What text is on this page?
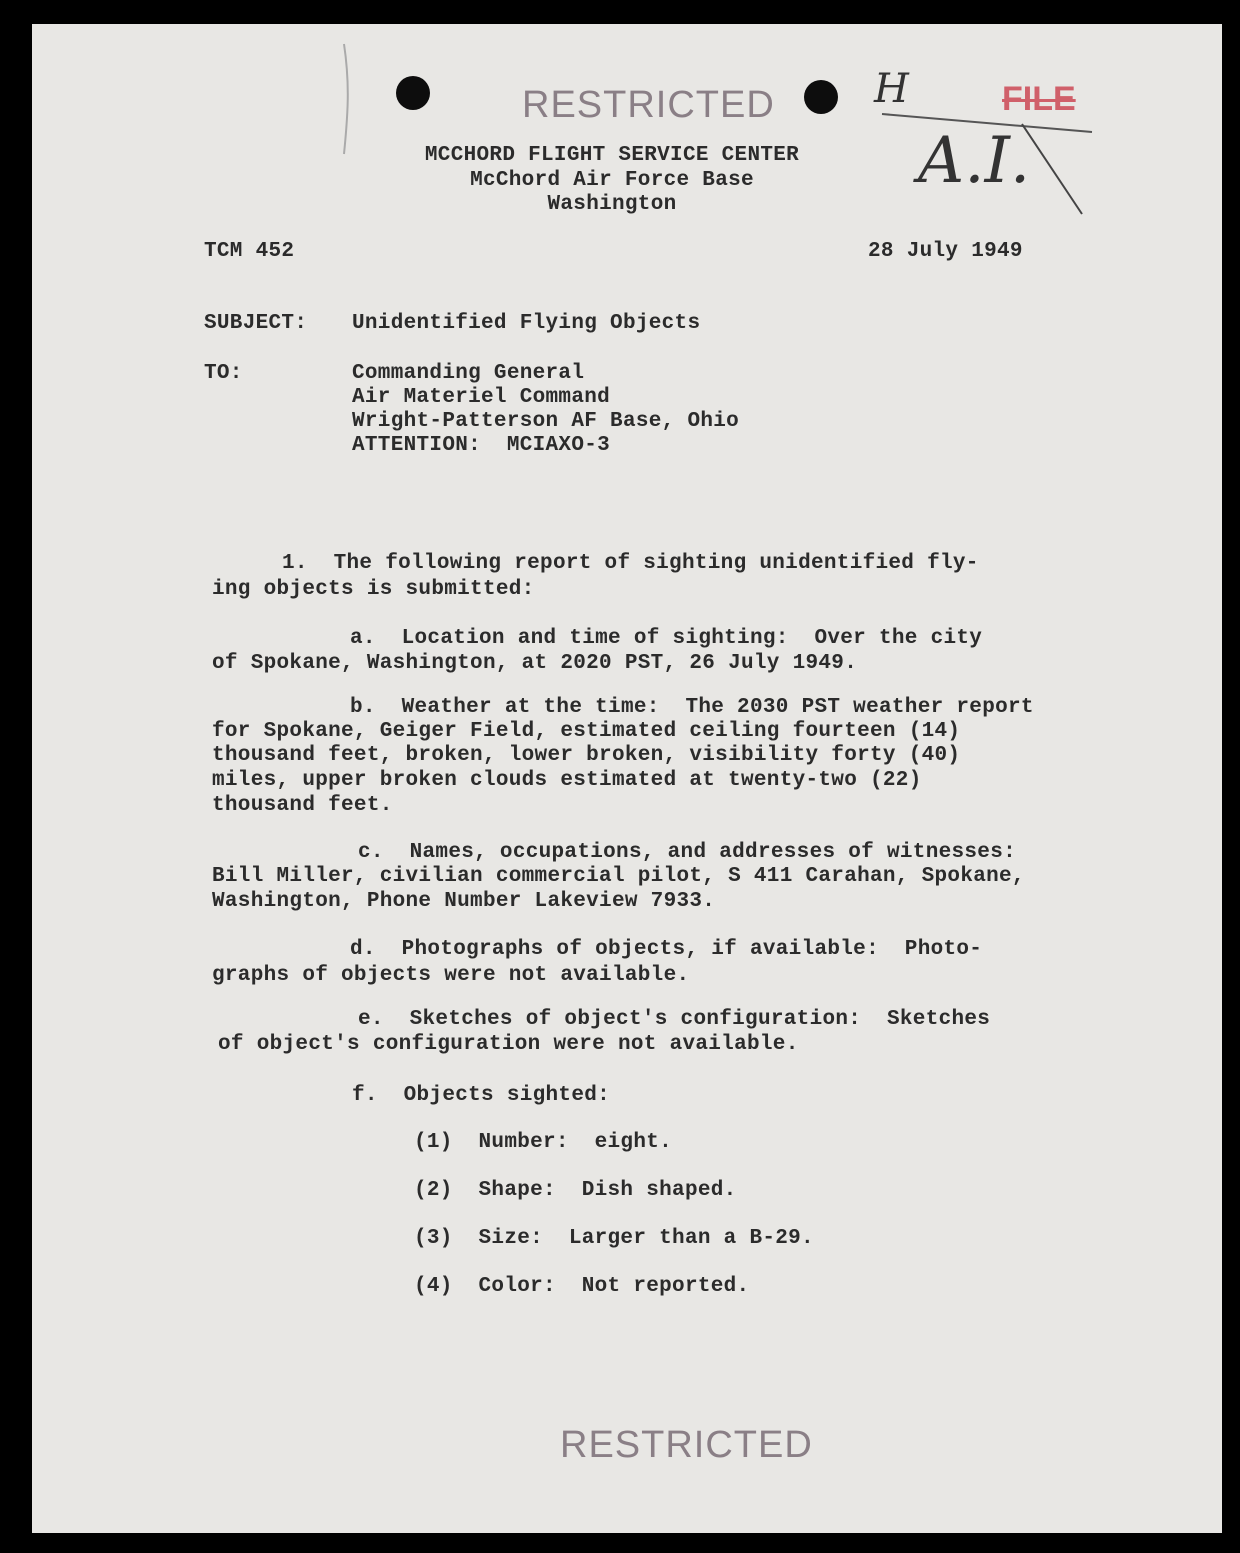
RESTRICTED	FILE
H
A.I.
MCCHORD FLIGHT SERVICE CENTER
McChord Air Force Base
Washington
TCM 452	28 July 1949
SUBJECT: Unidentified Flying Objects
TO:	Commanding General
Air Materiel Command
Wright-Patterson AF Base, Ohio
ATTENTION:  MCIAXO-3
1.  The following report of sighting unidentified fly-
ing objects is submitted:
a.  Location and time of sighting:  Over the city
of Spokane, Washington, at 2020 PST, 26 July 1949.
b.  Weather at the time:  The 2030 PST weather report
for Spokane, Geiger Field, estimated ceiling fourteen (14)
thousand feet, broken, lower broken, visibility forty (40)
miles, upper broken clouds estimated at twenty-two (22)
thousand feet.
c.  Names, occupations, and addresses of witnesses:
Bill Miller, civilian commercial pilot, S 411 Carahan, Spokane,
Washington, Phone Number Lakeview 7933.
d.  Photographs of objects, if available:  Photo-
graphs of objects were not available.
e.  Sketches of object's configuration:  Sketches
of object's configuration were not available.
f.  Objects sighted:
(1)  Number:  eight.
(2)  Shape:  Dish shaped.
(3)  Size:  Larger than a B-29.
(4)  Color:  Not reported.
RESTRICTED
